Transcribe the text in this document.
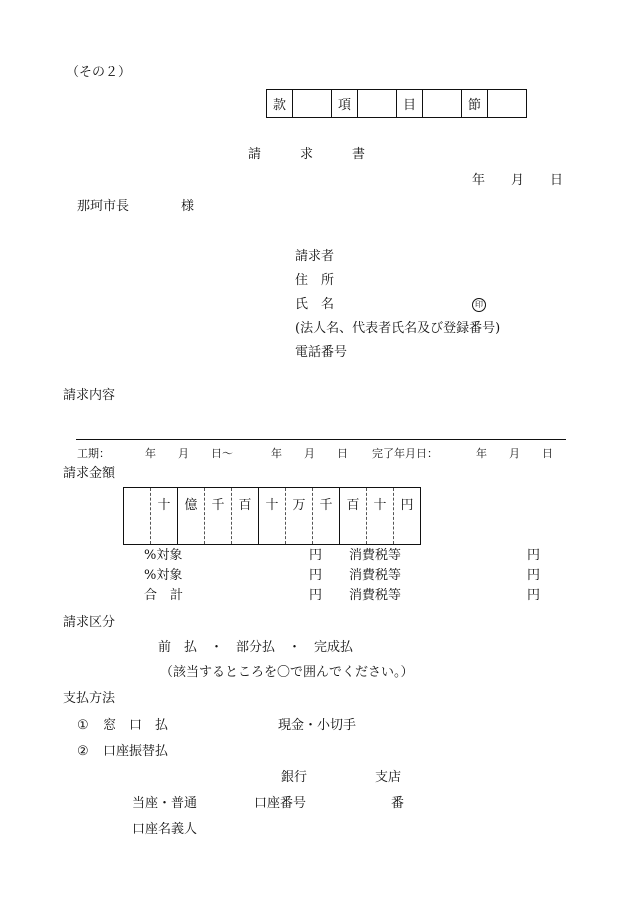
（その２）
款		項		目		節	
請　　　求　　　書
年　　月　　日
那珂市長　　　　様
請求者
住　所
氏　名	印
(法人名、代表者氏名及び登録番号)
電話番号
請求内容
工期：	年　　月　　日～	年　　月　　日 完了年月日：	年　　月　　日
請求金額

十	億	千	百	十	万	千	百	十	円
%対象	円 消費税等	円
%対象	円 消費税等	円
合　計	円 消費税等	円
請求区分
前　払　・　部分払　・　完成払
（該当するところを〇で囲んでください。）
支払方法
① 窓　口　払	現金・小切手
② 口座振替払
銀行	支店
当座・普通	口座番号	番
口座名義人
